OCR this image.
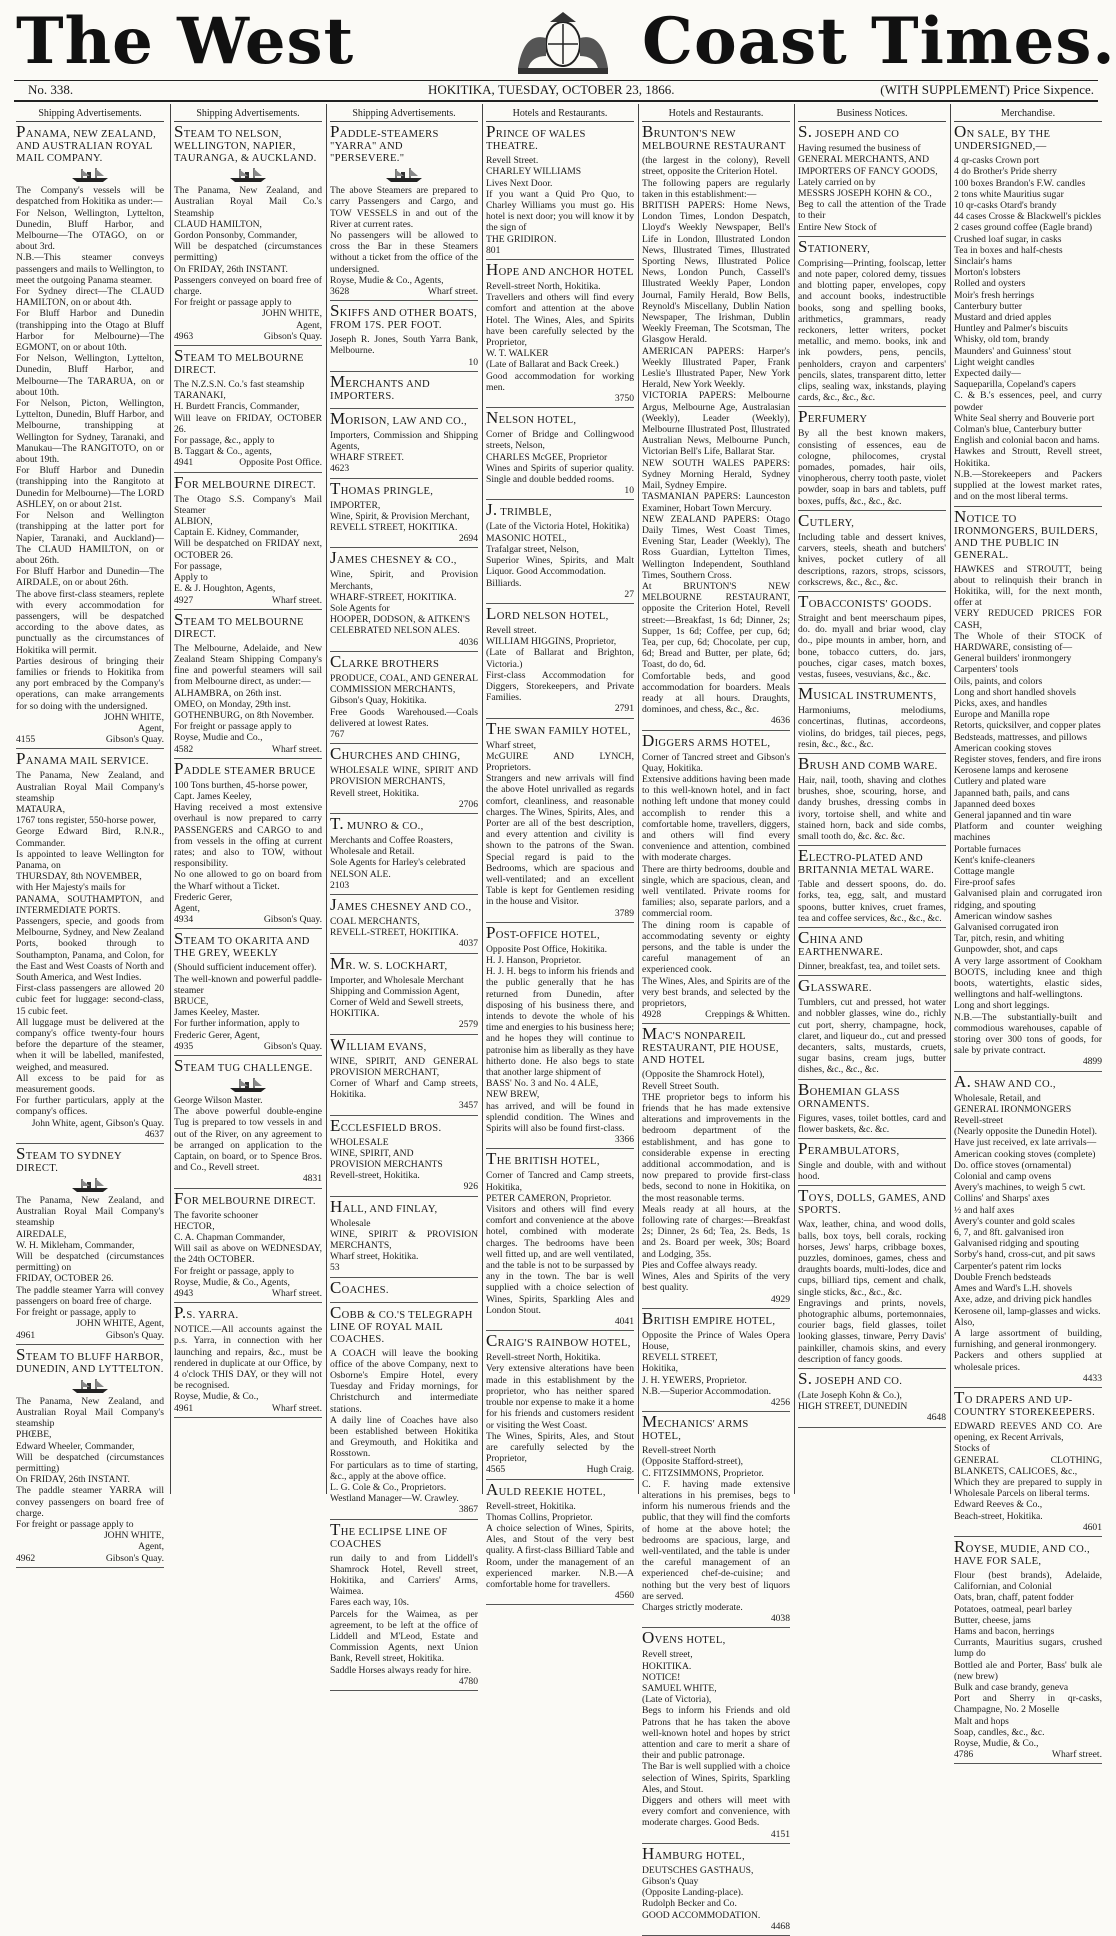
The West	Coast Times.
No. 338.	HOKITIKA, TUESDAY, OCTOBER 23, 1866.	(WITH SUPPLEMENT) Price Sixpence.
Shipping Advertisements.
PANAMA, NEW ZEALAND, AND AUSTRALIAN ROYAL MAIL COMPANY.

The Company's vessels will be despatched from Hokitika as under:—

For Nelson, Wellington, Lyttelton, Dunedin, Bluff Harbor, and Melbourne—The OTAGO, on or about 3rd.

N.B.—This steamer conveys passengers and mails to Wellington, to meet the outgoing Panama steamer.

For Sydney direct—The CLAUD HAMILTON, on or about 4th.

For Bluff Harbor and Dunedin (transhipping into the Otago at Bluff Harbor for Melbourne)—The EGMONT, on or about 10th.

For Nelson, Wellington, Lyttelton, Dunedin, Bluff Harbor, and Melbourne—The TARARUA, on or about 10th.

For Nelson, Picton, Wellington, Lyttelton, Dunedin, Bluff Harbor, and Melbourne, transhipping at Wellington for Sydney, Taranaki, and Manukau—The RANGITOTO, on or about 19th.

For Bluff Harbor and Dunedin (transhipping into the Rangitoto at Dunedin for Melbourne)—The LORD ASHLEY, on or about 21st.

For Nelson and Wellington (transhipping at the latter port for Napier, Taranaki, and Auckland)—The CLAUD HAMILTON, on or about 26th.

For Bluff Harbor and Dunedin—The AIRDALE, on or about 26th.

The above first-class steamers, replete with every accommodation for passengers, will be despatched according to the above dates, as punctually as the circumstances of Hokitika will permit.

Parties desirous of bringing their families or friends to Hokitika from any port embraced by the Company's operations, can make arrangements for so doing with the undersigned.

JOHN WHITE,

Agent,

4155	Gibson's Quay.
PANAMA MAIL SERVICE.

The Panama, New Zealand, and Australian Royal Mail Company's steamship

MATAURA,

1767 tons register, 550-horse power,

George Edward Bird, R.N.R., Commander.

Is appointed to leave Wellington for Panama, on

THURSDAY, 8th NOVEMBER,

with Her Majesty's mails for

PANAMA, SOUTHAMPTON, and INTERMEDIATE PORTS.

Passengers, specie, and goods from Melbourne, Sydney, and New Zealand Ports, booked through to Southampton, Panama, and Colon, for the East and West Coasts of North and South America, and West Indies.

First-class passengers are allowed 20 cubic feet for luggage: second-class, 15 cubic feet.

All luggage must be delivered at the company's office twenty-four hours before the departure of the steamer, when it will be labelled, manifested, weighed, and measured.

All excess to be paid for as measurement goods.

For further particulars, apply at the company's offices.

John White, agent, Gibson's Quay.

4637
STEAM TO SYDNEY DIRECT.

The Panama, New Zealand, and Australian Royal Mail Company's steamship

AIREDALE,

W. H. Mikleham, Commander,

Will be despatched (circumstances permitting) on

FRIDAY, OCTOBER 26.

The paddle steamer Yarra will convey passengers on board free of charge.

For freight or passage, apply to

JOHN WHITE, Agent,

4961	Gibson's Quay.
STEAM TO BLUFF HARBOR, DUNEDIN, AND LYTTELTON.

The Panama, New Zealand, and Australian Royal Mail Company's steamship

PHŒBE,

Edward Wheeler, Commander,

Will be despatched (circumstances permitting)

On FRIDAY, 26th INSTANT.

The paddle steamer YARRA will convey passengers on board free of charge.

For freight or passage apply to

JOHN WHITE,

Agent,

4962	Gibson's Quay.
Shipping Advertisements.
STEAM TO NELSON, WELLINGTON, NAPIER, TAURANGA, & AUCKLAND.

The Panama, New Zealand, and Australian Royal Mail Co.'s Steamship

CLAUD HAMILTON,

Gordon Ponsonby, Commander,

Will be despatched (circumstances permitting)

On FRIDAY, 26th INSTANT.

Passengers conveyed on board free of charge.

For freight or passage apply to

JOHN WHITE,

Agent,

4963	Gibson's Quay.
STEAM TO MELBOURNE DIRECT.

The N.Z.S.N. Co.'s fast steamship

TARANAKI,

H. Burdett Francis, Commander,

Will leave on FRIDAY, OCTOBER 26.

For passage, &c., apply to

B. Taggart & Co., agents,

4941	Opposite Post Office.
FOR MELBOURNE DIRECT.

The Otago S.S. Company's Mail Steamer

ALBION,

Captain E. Kidney, Commander,

Will be despatched on FRIDAY next, OCTOBER 26.

For passage,

Apply to

E. & J. Houghton, Agents,

4927	Wharf street.
STEAM TO MELBOURNE DIRECT.

The Melbourne, Adelaide, and New Zealand Steam Shipping Company's fine and powerful steamers will sail from Melbourne direct, as under:—

ALHAMBRA, on 26th inst.

OMEO, on Monday, 29th inst.

GOTHENBURG, on 8th November.

For freight or passage apply to

Royse, Mudie and Co.,

4582	Wharf street.
PADDLE STEAMER BRUCE

100 Tons burthen, 45-horse power,

Capt. James Keeley,

Having received a most extensive overhaul is now prepared to carry PASSENGERS and CARGO to and from vessels in the offing at current rates; and also to TOW, without responsibility.

No one allowed to go on board from the Wharf without a Ticket.

Frederic Gerer,

Agent,

4934	Gibson's Quay.
STEAM TO OKARITA AND THE GREY, WEEKLY

(Should sufficient inducement offer).

The well-known and powerful paddle-steamer

BRUCE,

James Keeley, Master.

For further information, apply to

Frederic Gerer, Agent,

4935	Gibson's Quay.
STEAM TUG CHALLENGE.

George Wilson Master.

The above powerful double-engine Tug is prepared to tow vessels in and out of the River, on any agreement to be arranged on application to the Captain, on board, or to Spence Bros. and Co., Revell street.

4831
FOR MELBOURNE DIRECT.

The favorite schooner

HECTOR,

C. A. Chapman Commander,

Will sail as above on WEDNESDAY, the 24th OCTOBER.

For freight or passage, apply to

Royse, Mudie, & Co., Agents,

4943	Wharf street.
P.S. YARRA.

NOTICE.—All accounts against the p.s. Yarra, in connection with her launching and repairs, &c., must be rendered in duplicate at our Office, by 4 o'clock THIS DAY, or they will not be recognised.

Royse, Mudie, & Co.,

4961	Wharf street.
Shipping Advertisements.
PADDLE-STEAMERS "YARRA" AND "PERSEVERE."

The above Steamers are prepared to carry Passengers and Cargo, and TOW VESSELS in and out of the River at current rates.

No passengers will be allowed to cross the Bar in these Steamers without a ticket from the office of the undersigned.

Royse, Mudie & Co., Agents,

3628	Wharf street.
SKIFFS AND OTHER BOATS, FROM 17S. PER FOOT.

Joseph R. Jones, South Yarra Bank, Melbourne.

10
MERCHANTS AND IMPORTERS.
MORISON, LAW AND CO.,

Importers, Commission and Shipping Agents,

WHARF STREET.

4623
THOMAS PRINGLE,

IMPORTER,

Wine, Spirit, & Provision Merchant,

REVELL STREET, HOKITIKA.

2694
JAMES CHESNEY & CO.,

Wine, Spirit, and Provision Merchants,

WHARF-STREET, HOKITIKA.

Sole Agents for

HOOPER, DODSON, & AITKEN'S

CELEBRATED NELSON ALES.

4036
CLARKE BROTHERS

PRODUCE, COAL, AND GENERAL COMMISSION MERCHANTS,

Gibson's Quay, Hokitika.

Free Goods Warehoused.—Coals delivered at lowest Rates.

767
CHURCHES AND CHING,

WHOLESALE WINE, SPIRIT AND PROVISION MERCHANTS,

Revell street, Hokitika.

2706
T. MUNRO & CO.,

Merchants and Coffee Roasters,

Wholesale and Retail.

Sole Agents for Harley's celebrated

NELSON ALE.

2103
JAMES CHESNEY AND CO.,

COAL MERCHANTS,

REVELL-STREET, HOKITIKA.

4037
MR. W. S. LOCKHART,

Importer, and Wholesale Merchant

Shipping and Commission Agent,

Corner of Weld and Sewell streets,

HOKITIKA.

2579
WILLIAM EVANS,

WINE, SPIRIT, AND GENERAL PROVISION MERCHANT,

Corner of Wharf and Camp streets, Hokitika.

3457
ECCLESFIELD BROS.

WHOLESALE

WINE, SPIRIT, AND

PROVISION MERCHANTS

Revell-street, Hokitika.

926
HALL, AND FINLAY,

Wholesale

WINE, SPIRIT & PROVISION MERCHANTS,

Wharf street, Hokitika.

53
COACHES.
COBB & CO.'S TELEGRAPH LINE OF ROYAL MAIL COACHES.

A COACH will leave the booking office of the above Company, next to Osborne's Empire Hotel, every Tuesday and Friday mornings, for Christchurch and intermediate stations.

A daily line of Coaches have also been established between Hokitika and Greymouth, and Hokitika and Rosstown.

For particulars as to time of starting, &c., apply at the above office.

L. G. Cole & Co., Proprietors.

Westland Manager—W. Crawley.

3867
THE ECLIPSE LINE OF COACHES

run daily to and from Liddell's Shamrock Hotel, Revell street, Hokitika, and Carriers' Arms, Waimea.

Fares each way, 10s.

Parcels for the Waimea, as per agreement, to be left at the office of Liddell and M'Leod, Estate and Commission Agents, next Union Bank, Revell street, Hokitika.

Saddle Horses always ready for hire.

4780
Hotels and Restaurants.
PRINCE OF WALES THEATRE.

Revell Street.

CHARLEY WILLIAMS

Lives Next Door.

If you want a Quid Pro Quo, to Charley Williams you must go. His hotel is next door; you will know it by the sign of

THE GRIDIRON.

801
HOPE AND ANCHOR HOTEL

Revell-street North, Hokitika.

Travellers and others will find every comfort and attention at the above Hotel. The Wines, Ales, and Spirits have been carefully selected by the Proprietor,

W. T. WALKER

(Late of Ballarat and Back Creek.)

Good accommodation for working men.

3750
NELSON HOTEL,

Corner of Bridge and Collingwood streets, Nelson,

CHARLES McGEE, Proprietor

Wines and Spirits of superior quality. Single and double bedded rooms.

10
J. TRIMBLE,

(Late of the Victoria Hotel, Hokitika)

MASONIC HOTEL,

Trafalgar street, Nelson,

Superior Wines, Spirits, and Malt Liquor. Good Accommodation.

Billiards.

27
LORD NELSON HOTEL,

Revell street.

WILLIAM HIGGINS, Proprietor,

(Late of Ballarat and Brighton, Victoria.)

First-class Accommodation for Diggers, Storekeepers, and Private Families.

2791
THE SWAN FAMILY HOTEL,

Wharf street,

McGUIRE AND LYNCH, Proprietors.

Strangers and new arrivals will find the above Hotel unrivalled as regards comfort, cleanliness, and reasonable charges. The Wines, Spirits, Ales, and Porter are all of the best description, and every attention and civility is shown to the patrons of the Swan. Special regard is paid to the Bedrooms, which are spacious and well-ventilated; and an excellent Table is kept for Gentlemen residing in the house and Visitor.

3789
POST-OFFICE HOTEL,

Opposite Post Office, Hokitika.

H. J. Hanson, Proprietor.

H. J. H. begs to inform his friends and the public generally that he has returned from Dunedin, after disposing of his business there, and intends to devote the whole of his time and energies to his business here; and he hopes they will continue to patronise him as liberally as they have hitherto done. He also begs to state that another large shipment of

BASS' No. 3 and No. 4 ALE,

NEW BREW,

has arrived, and will be found in splendid condition. The Wines and Spirits will also be found first-class.

3366
THE BRITISH HOTEL,

Corner of Tancred and Camp streets, Hokitika,

PETER CAMERON, Proprietor.

Visitors and others will find every comfort and convenience at the above hotel, combined with moderate charges. The bedrooms have been well fitted up, and are well ventilated, and the table is not to be surpassed by any in the town. The bar is well supplied with a choice selection of Wines, Spirits, Sparkling Ales and London Stout.

4041
CRAIG'S RAINBOW HOTEL,

Revell-street North, Hokitika.

Very extensive alterations have been made in this establishment by the proprietor, who has neither spared trouble nor expense to make it a home for his friends and customers resident or visiting the West Coast.

The Wines, Spirits, Ales, and Stout are carefully selected by the Proprietor,

4565	Hugh Craig.
AULD REEKIE HOTEL,

Revell-street, Hokitika.

Thomas Collins, Proprietor.

A choice selection of Wines, Spirits, Ales, and Stout of the very best quality. A first-class Billiard Table and Room, under the management of an experienced marker. N.B.—A comfortable home for travellers.

4560
Hotels and Restaurants.
BRUNTON'S NEW MELBOURNE RESTAURANT

(the largest in the colony), Revell street, opposite the Criterion Hotel.

The following papers are regularly taken in this establishment:—

BRITISH PAPERS: Home News, London Times, London Despatch, Lloyd's Weekly Newspaper, Bell's Life in London, Illustrated London News, Illustrated Times, Illustrated Sporting News, Illustrated Police News, London Punch, Cassell's Illustrated Weekly Paper, London Journal, Family Herald, Bow Bells, Reynold's Miscellany, Dublin Nation Newspaper, The Irishman, Dublin Weekly Freeman, The Scotsman, The Glasgow Herald.

AMERICAN PAPERS: Harper's Weekly Illustrated Paper, Frank Leslie's Illustrated Paper, New York Herald, New York Weekly.

VICTORIA PAPERS: Melbourne Argus, Melbourne Age, Australasian (Weekly), Leader (Weekly), Melbourne Illustrated Post, Illustrated Australian News, Melbourne Punch, Victorian Bell's Life, Ballarat Star.

NEW SOUTH WALES PAPERS: Sydney Morning Herald, Sydney Mail, Sydney Empire.

TASMANIAN PAPERS: Launceston Examiner, Hobart Town Mercury.

NEW ZEALAND PAPERS: Otago Daily Times, West Coast Times, Evening Star, Leader (Weekly), The Ross Guardian, Lyttelton Times, Wellington Independent, Southland Times, Southern Cross.

At BRUNTON'S NEW MELBOURNE RESTAURANT, opposite the Criterion Hotel, Revell street:—Breakfast, 1s 6d; Dinner, 2s; Supper, 1s 6d; Coffee, per cup, 6d; Tea, per cup, 6d; Chocolate, per cup, 6d; Bread and Butter, per plate, 6d; Toast, do do, 6d.

Comfortable beds, and good accommodation for boarders. Meals ready at all hours. Draughts, dominoes, and chess, &c., &c.

4636
DIGGERS ARMS HOTEL,

Corner of Tancred street and Gibson's Quay, Hokitika.

Extensive additions having been made to this well-known hotel, and in fact nothing left undone that money could accomplish to render this a comfortable home, travellers, diggers, and others will find every convenience and attention, combined with moderate charges.

There are thirty bedrooms, double and single, which are spacious, clean, and well ventilated. Private rooms for families; also, separate parlors, and a commercial room.

The dining room is capable of accommodating seventy or eighty persons, and the table is under the careful management of an experienced cook.

The Wines, Ales, and Spirits are of the very best brands, and selected by the proprietors,

4928	Creppings & Whitten.
MAC'S NONPAREIL RESTAURANT, PIE HOUSE, AND HOTEL

(Opposite the Shamrock Hotel),

Revell Street South.

THE proprietor begs to inform his friends that he has made extensive alterations and improvements in the bedroom department of the establishment, and has gone to considerable expense in erecting additional accommodation, and is now prepared to provide first-class beds, second to none in Hokitika, on the most reasonable terms.

Meals ready at all hours, at the following rate of charges:—Breakfast 2s; Dinner, 2s 6d; Tea, 2s. Beds, 1s and 2s. Board per week, 30s; Board and Lodging, 35s.

Pies and Coffee always ready.

Wines, Ales and Spirits of the very best quality.

4929
BRITISH EMPIRE HOTEL,

Opposite the Prince of Wales Opera House,

REVELL STREET,

Hokitika,

J. H. YEWERS, Proprietor.

N.B.—Superior Accommodation.

4256
MECHANICS' ARMS HOTEL,

Revell-street North

(Opposite Stafford-street),

C. FITZSIMMONS, Proprietor.

C. F. having made extensive alterations in his premises, begs to inform his numerous friends and the public, that they will find the comforts of home at the above hotel; the bedrooms are spacious, large, and well-ventilated, and the table is under the careful management of an experienced chef-de-cuisine; and nothing but the very best of liquors are served.

Charges strictly moderate.

4038
OVENS HOTEL,

Revell street,

HOKITIKA.

NOTICE!

SAMUEL WHITE,

(Late of Victoria),

Begs to inform his Friends and old Patrons that he has taken the above well-known hotel and hopes by strict attention and care to merit a share of their and public patronage.

The Bar is well supplied with a choice selection of Wines, Spirits, Sparkling Ales, and Stout.

Diggers and others will meet with every comfort and convenience, with moderate charges. Good Beds.

4151
HAMBURG HOTEL,

DEUTSCHES GASTHAUS,

Gibson's Quay

(Opposite Landing-place).

Rudolph Becker and Co.

GOOD ACCOMMODATION.

4468
Business Notices.
S. JOSEPH AND CO

Having resumed the business of

GENERAL MERCHANTS, AND

IMPORTERS OF FANCY GOODS,

Lately carried on by

MESSRS JOSEPH KOHN & CO.,

Beg to call the attention of the Trade to their

Entire New Stock of

STATIONERY,

Comprising—Printing, foolscap, letter and note paper, colored demy, tissues and blotting paper, envelopes, copy and account books, indestructible books, song and spelling books, arithmetics, grammars, ready reckoners, letter writers, pocket metallic, and memo. books, ink and ink powders, pens, pencils, penholders, crayon and carpenters' pencils, slates, transparent ditto, letter clips, sealing wax, inkstands, playing cards, &c., &c., &c.

PERFUMERY

By all the best known makers, consisting of essences, eau de cologne, philocomes, crystal pomades, pomades, hair oils, vinopherous, cherry tooth paste, violet powder, soap in bars and tablets, puff boxes, puffs, &c., &c., &c.

CUTLERY,

Including table and dessert knives, carvers, steels, sheath and butchers' knives, pocket cutlery of all descriptions, razors, strops, scissors, corkscrews, &c., &c., &c.

TOBACCONISTS' GOODS.

Straight and bent meerschaum pipes, do. do. myall and briar wood, clay do., pipe mounts in amber, horn, and bone, tobacco cutters, do. jars, pouches, cigar cases, match boxes, vestas, fusees, vesuvians, &c., &c.

MUSICAL INSTRUMENTS,

Harmoniums, melodiums, concertinas, flutinas, accordeons, violins, do bridges, tail pieces, pegs, resin, &c., &c., &c.

BRUSH AND COMB WARE.

Hair, nail, tooth, shaving and clothes brushes, shoe, scouring, horse, and dandy brushes, dressing combs in ivory, tortoise shell, and white and stained horn, back and side combs, small tooth do, &c. &c. &c.

ELECTRO-PLATED AND BRITANNIA METAL WARE.

Table and dessert spoons, do. do. forks, tea, egg, salt, and mustard spoons, butter knives, cruet frames, tea and coffee services, &c., &c., &c.

CHINA AND EARTHENWARE.

Dinner, breakfast, tea, and toilet sets.

GLASSWARE.

Tumblers, cut and pressed, hot water and nobbler glasses, wine do., richly cut port, sherry, champagne, hock, claret, and liqueur do., cut and pressed decanters, salts, mustards, cruets, sugar basins, cream jugs, butter dishes, &c., &c., &c.

BOHEMIAN GLASS ORNAMENTS.

Figures, vases, toilet bottles, card and flower baskets, &c. &c.

PERAMBULATORS,

Single and double, with and without hood.

TOYS, DOLLS, GAMES, AND SPORTS.

Wax, leather, china, and wood dolls, balls, box toys, bell corals, rocking horses, Jews' harps, cribbage boxes, puzzles, dominoes, games, chess and draughts boards, multi-lodes, dice and cups, billiard tips, cement and chalk, single sticks, &c., &c., &c.

Engravings and prints, novels, photographic albums, portemonnaies, courier bags, field glasses, toilet looking glasses, tinware, Perry Davis' painkiller, chamois skins, and every description of fancy goods.

S. JOSEPH AND CO.

(Late Joseph Kohn & Co.),

HIGH STREET, DUNEDIN

4648
Merchandise.
ON SALE, BY THE UNDERSIGNED,—

4 qr-casks Crown port

4 do Brother's Pride sherry

100 boxes Brandon's F.W. candles

2 tons white Mauritius sugar

10 qr-casks Otard's brandy

44 cases Crosse & Blackwell's pickles

2 cases ground coffee (Eagle brand)

Crushed loaf sugar, in casks

Tea in boxes and half-chests

Sinclair's hams

Morton's lobsters

Rolled and oysters

Moir's fresh herrings

Canterbury butter

Mustard and dried apples

Huntley and Palmer's biscuits

Whisky, old tom, brandy

Maunders' and Guinness' stout

Light weight candles

Expected daily—

Saqueparilla, Copeland's capers

C. & B.'s essences, peel, and curry powder

White Seal sherry and Bouverie port

Colman's blue, Canterbury butter

English and colonial bacon and hams.

Hawkes and Stroutt, Revell street, Hokitika.

N.B.—Storekeepers and Packers supplied at the lowest market rates, and on the most liberal terms.

NOTICE TO IRONMONGERS, BUILDERS, AND THE PUBLIC IN GENERAL.

HAWKES and STROUTT, being about to relinquish their branch in Hokitika, will, for the next month, offer at

VERY REDUCED PRICES FOR CASH,

The Whole of their STOCK of HARDWARE, consisting of—

General builders' ironmongery

Carpenters' tools

Oils, paints, and colors

Long and short handled shovels

Picks, axes, and handles

Europe and Manilla rope

Retorts, quicksilver, and copper plates

Bedsteads, mattresses, and pillows

American cooking stoves

Register stoves, fenders, and fire irons

Kerosene lamps and kerosene

Cutlery and plated ware

Japanned bath, pails, and cans

Japanned deed boxes

General japanned and tin ware

Platform and counter weighing machines

Portable furnaces

Kent's knife-cleaners

Cottage mangle

Fire-proof safes

Galvanised plain and corrugated iron ridging, and spouting

American window sashes

Galvanised corrugated iron

Tar, pitch, resin, and whiting

Gunpowder, shot, and caps

A very large assortment of Cookham BOOTS, including knee and thigh boots, watertights, elastic sides, wellingtons and half-wellingtons.

Long and short leggings.

N.B.—The substantially-built and commodious warehouses, capable of storing over 300 tons of goods, for sale by private contract.

4899
A. SHAW AND CO.,

Wholesale, Retail, and

GENERAL IRONMONGERS

Revell-street

(Nearly opposite the Dunedin Hotel).

Have just received, ex late arrivals—

American cooking stoves (complete)

Do. office stoves (ornamental)

Colonial and camp ovens

Avery's machines, to weigh 5 cwt.

Collins' and Sharps' axes

½ and half axes

Avery's counter and gold scales

6, 7, and 8ft. galvanised iron

Galvanised ridging and spouting

Sorby's hand, cross-cut, and pit saws

Carpenter's patent rim locks

Double French bedsteads

Ames and Ward's L.H. shovels

Axe, adze, and driving pick handles

Kerosene oil, lamp-glasses and wicks.

Also,

A large assortment of building, furnishing, and general ironmongery.

Packers and others supplied at wholesale prices.

4433
TO DRAPERS AND UP-COUNTRY STOREKEEPERS.

EDWARD REEVES AND CO. Are opening, ex Recent Arrivals,

Stocks of

GENERAL CLOTHING, BLANKETS, CALICOES, &c.,

Which they are prepared to supply in Wholesale Parcels on liberal terms.

Edward Reeves & Co.,

Beach-street, Hokitika.

4601
ROYSE, MUDIE, AND CO., HAVE FOR SALE,

Flour (best brands), Adelaide, Californian, and Colonial

Oats, bran, chaff, patent fodder

Potatoes, oatmeal, pearl barley

Butter, cheese, jams

Hams and bacon, herrings

Currants, Mauritius sugars, crushed lump do

Bottled ale and Porter, Bass' bulk ale (new brew)

Bulk and case brandy, geneva

Port and Sherry in qr-casks, Champagne, No. 2 Moselle

Malt and hops

Soap, candles, &c., &c.

Royse, Mudie, & Co.,

4786	Wharf street.
